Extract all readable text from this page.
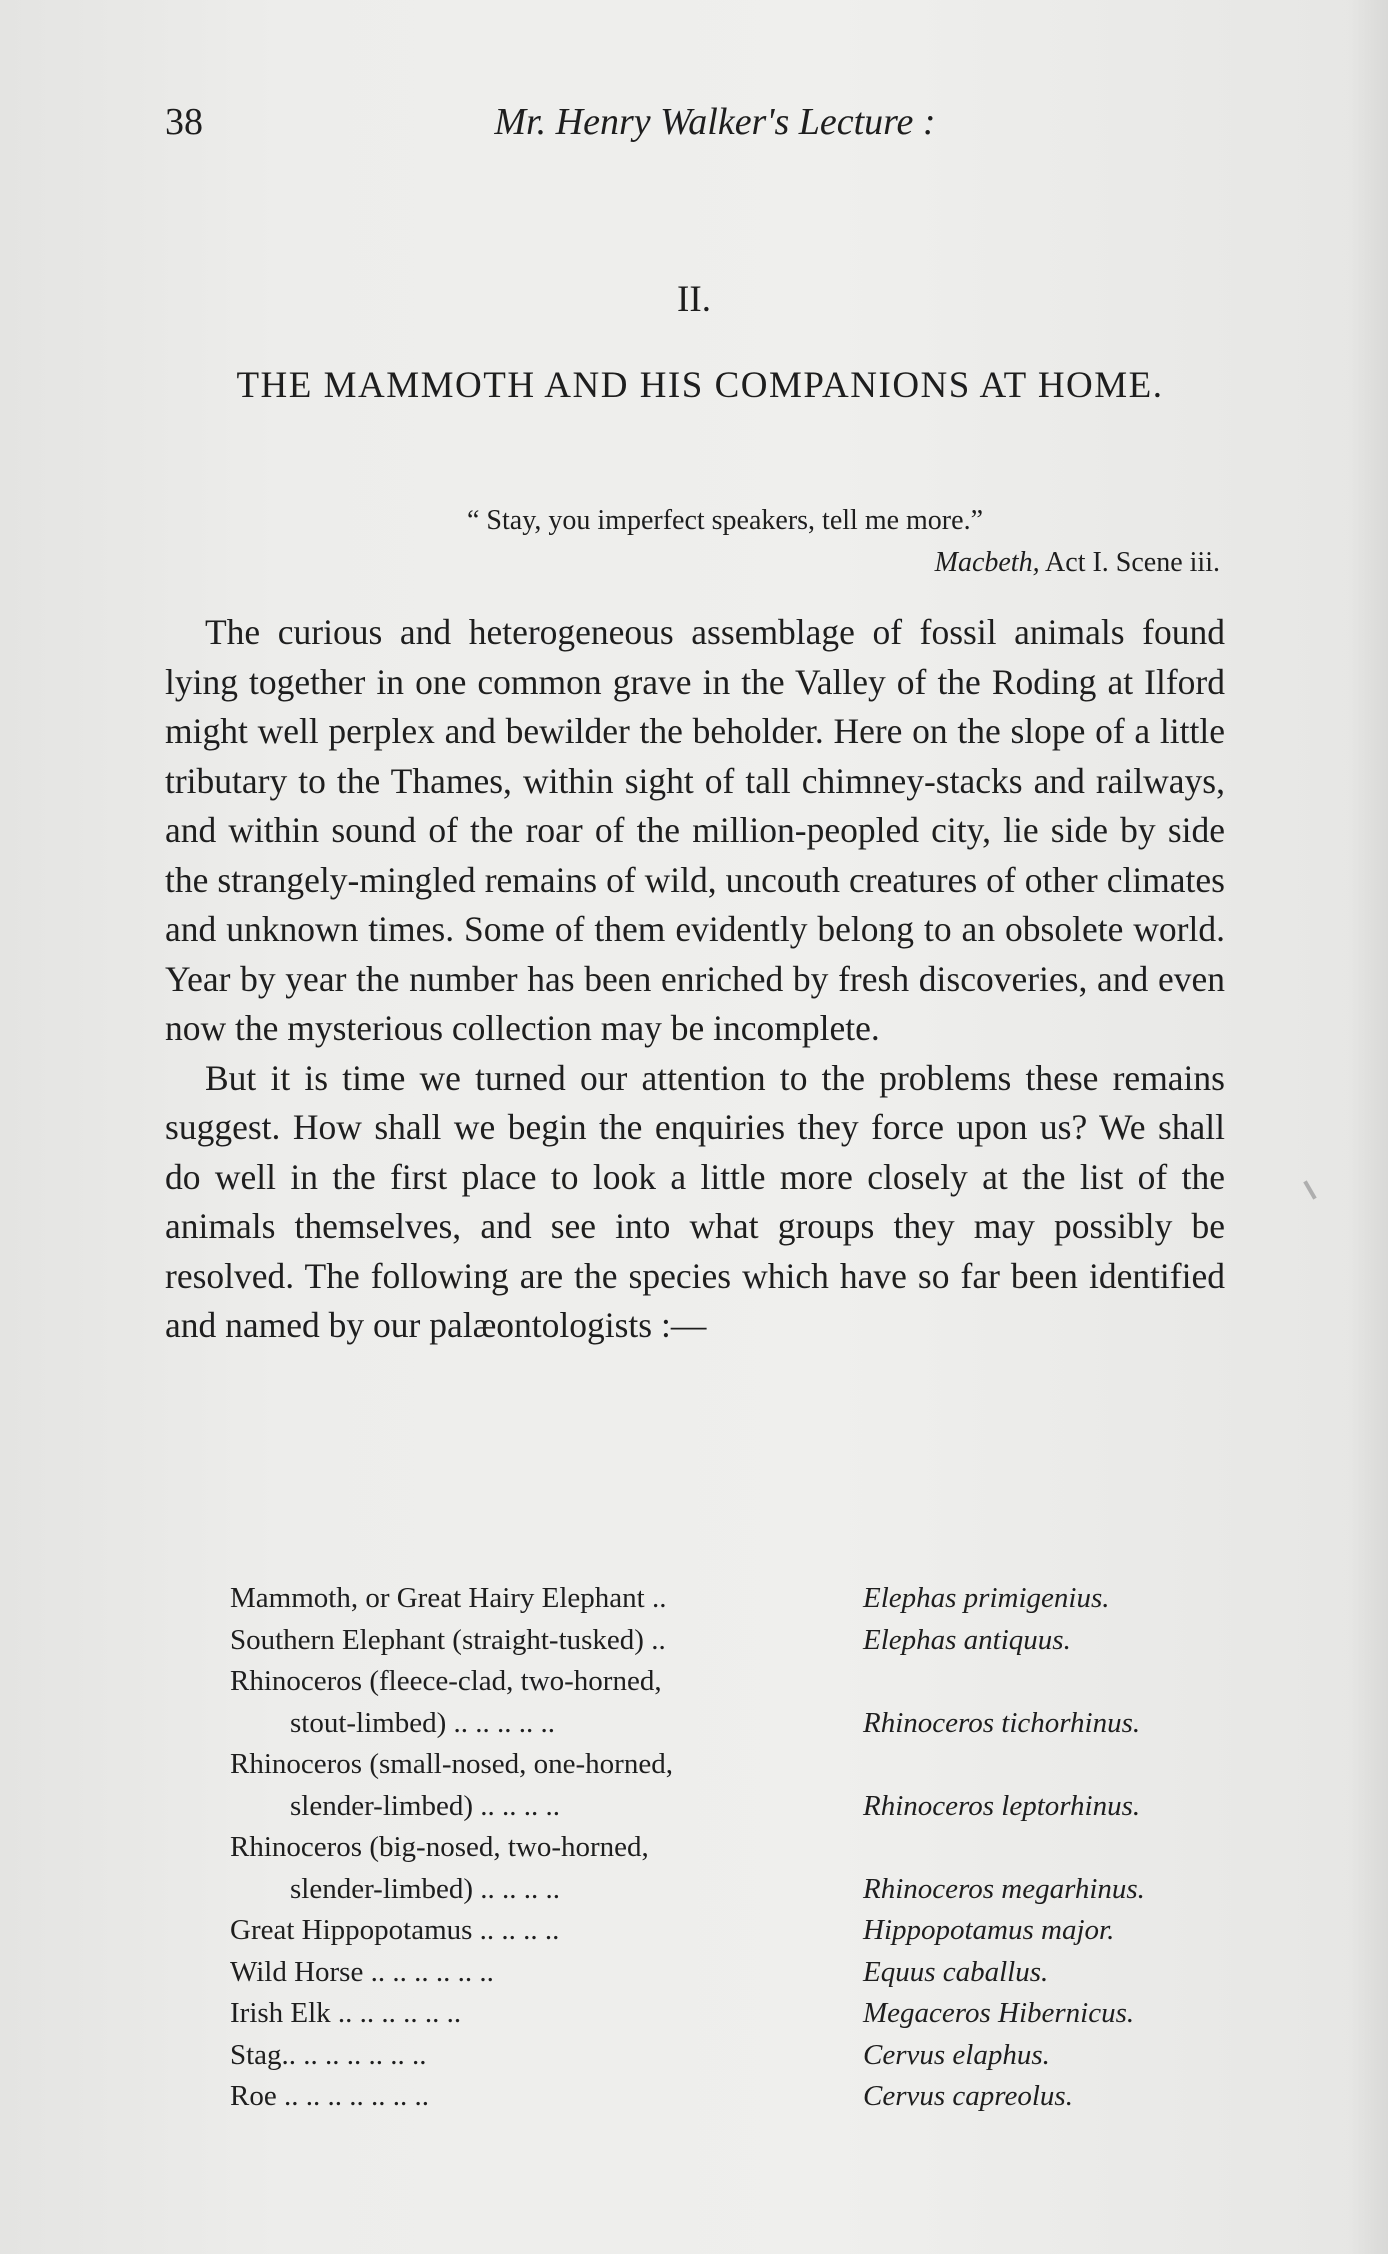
38	Mr. Henry Walker's Lecture :
II.
THE MAMMOTH AND HIS COMPANIONS AT HOME.
“ Stay, you imperfect speakers, tell me more.”
Macbeth, Act I. Scene iii.

The curious and heterogeneous assemblage of fossil animals found lying together in one common grave in the Valley of the Roding at Ilford might well perplex and bewilder the beholder. Here on the slope of a little tributary to the Thames, within sight of tall chimney-stacks and railways, and within sound of the roar of the million-peopled city, lie side by side the strangely-mingled remains of wild, uncouth creatures of other climates and unknown times. Some of them evidently belong to an obsolete world. Year by year the number has been enriched by fresh discoveries, and even now the mysterious collection may be incomplete.

But it is time we turned our attention to the problems these remains suggest. How shall we begin the enquiries they force upon us? We shall do well in the first place to look a little more closely at the list of the animals themselves, and see into what groups they may possibly be resolved. The following are the species which have so far been identified and named by our palæontologists :—

Mammoth, or Great Hairy Elephant ..	Elephas primigenius.
Southern Elephant (straight-tusked) ..	Elephas antiquus.
Rhinoceros (fleece-clad, two-horned,
stout-limbed) .. .. .. .. ..	Rhinoceros tichorhinus.
Rhinoceros (small-nosed, one-horned,
slender-limbed) .. .. .. ..	Rhinoceros leptorhinus.
Rhinoceros (big-nosed, two-horned,
slender-limbed) .. .. .. ..	Rhinoceros megarhinus.
Great Hippopotamus .. .. .. ..	Hippopotamus major.
Wild Horse .. .. .. .. .. ..	Equus caballus.
Irish Elk .. .. .. .. .. ..	Megaceros Hibernicus.
Stag.. .. .. .. .. .. ..	Cervus elaphus.
Roe .. .. .. .. .. .. ..	Cervus capreolus.
